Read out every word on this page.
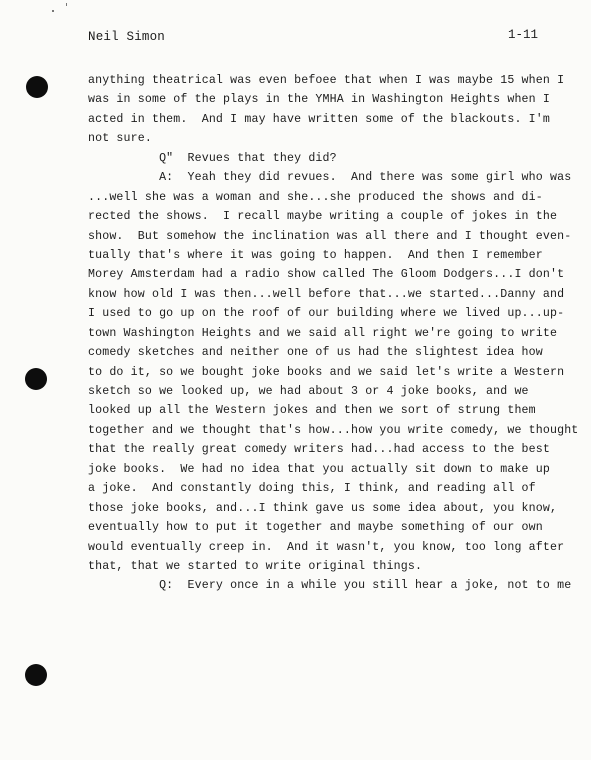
Neil Simon	1-11
anything theatrical was even befoee that when I was maybe 15 when I
was in some of the plays in the YMHA in Washington Heights when I
acted in them.  And I may have written some of the blackouts. I'm
not sure.
Q"  Revues that they did?
A:  Yeah they did revues.  And there was some girl who was
...well she was a woman and she...she produced the shows and di-
rected the shows.  I recall maybe writing a couple of jokes in the
show.  But somehow the inclination was all there and I thought even-
tually that's where it was going to happen.  And then I remember
Morey Amsterdam had a radio show called The Gloom Dodgers...I don't
know how old I was then...well before that...we started...Danny and
I used to go up on the roof of our building where we lived up...up-
town Washington Heights and we said all right we're going to write
comedy sketches and neither one of us had the slightest idea how
to do it, so we bought joke books and we said let's write a Western
sketch so we looked up, we had about 3 or 4 joke books, and we
looked up all the Western jokes and then we sort of strung them
together and we thought that's how...how you write comedy, we thought
that the really great comedy writers had...had access to the best
joke books.  We had no idea that you actually sit down to make up
a joke.  And constantly doing this, I think, and reading all of
those joke books, and...I think gave us some idea about, you know,
eventually how to put it together and maybe something of our own
would eventually creep in.  And it wasn't, you know, too long after
that, that we started to write original things.
Q:  Every once in a while you still hear a joke, not to me
